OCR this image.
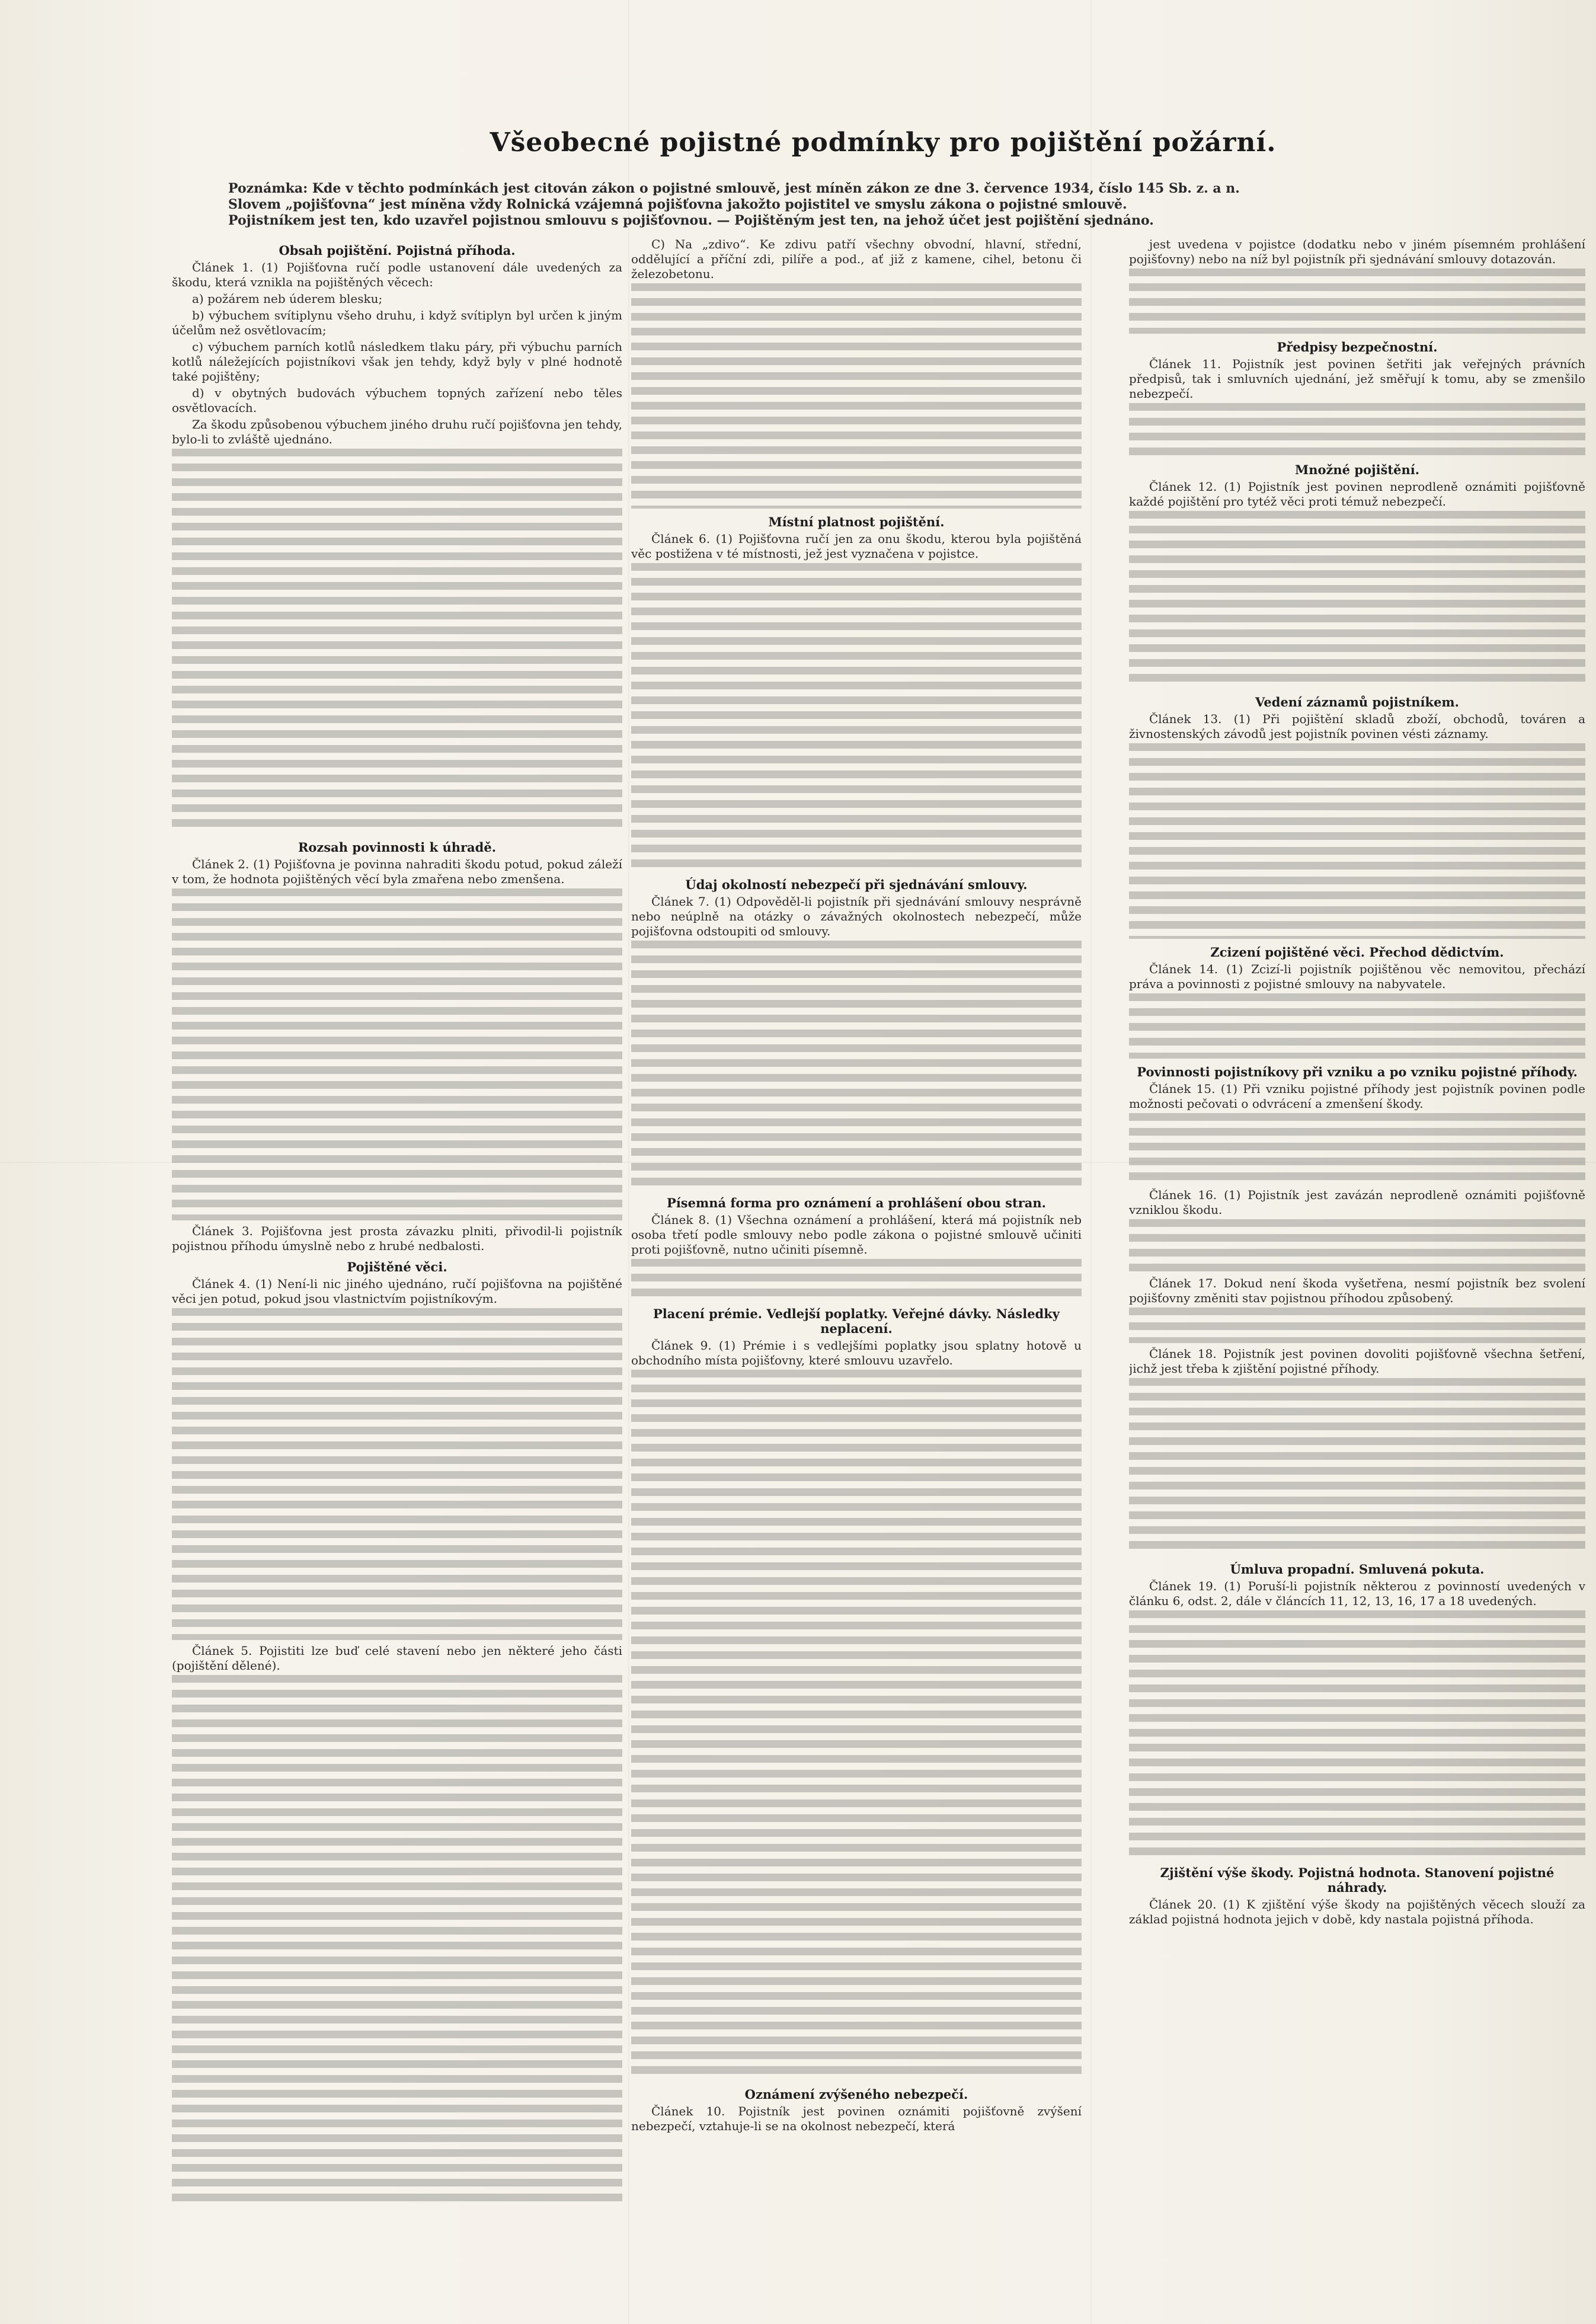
Všeobecné pojistné podmínky pro pojištění požární.

Poznámka: Kde v těchto podmínkách jest citován zákon o pojistné smlouvě, jest míněn zákon ze dne 3. července 1934, číslo 145 Sb. z. a n.

Slovem „pojišťovna“ jest míněna vždy Rolnická vzájemná pojišťovna jakožto pojistitel ve smyslu zákona o pojistné smlouvě.

Pojistníkem jest ten, kdo uzavřel pojistnou smlouvu s pojišťovnou. — Pojištěným jest ten, na jehož účet jest pojištění sjednáno.

Obsah pojištění. Pojistná příhoda.

Článek 1. (1) Pojišťovna ručí podle ustanovení dále uvedených za škodu, která vznikla na pojištěných věcech:

a) požárem neb úderem blesku;

b) výbuchem svítiplynu všeho druhu, i když svítiplyn byl určen k jiným účelům než osvětlovacím;

c) výbuchem parních kotlů následkem tlaku páry, při výbuchu parních kotlů náležejících pojistníkovi však jen tehdy, když byly v plné hodnotě také pojištěny;

d) v obytných budovách výbuchem topných zařízení nebo těles osvětlovacích.

Za škodu způsobenou výbuchem jiného druhu ručí pojišťovna jen tehdy, bylo-li to zvláště ujednáno.

Rozsah povinnosti k úhradě.

Článek 2. (1) Pojišťovna je povinna nahraditi škodu potud, pokud záleží v tom, že hodnota pojištěných věcí byla zmařena nebo zmenšena.

Článek 3. Pojišťovna jest prosta závazku plniti, přivodil-li pojistník pojistnou příhodu úmyslně nebo z hrubé nedbalosti.

Pojištěné věci.

Článek 4. (1) Není-li nic jiného ujednáno, ručí pojišťovna na pojištěné věci jen potud, pokud jsou vlastnictvím pojistníkovým.

Článek 5. Pojistiti lze buď celé stavení nebo jen některé jeho části (pojištění dělené).

C) Na „zdivo“. Ke zdivu patří všechny obvodní, hlavní, střední, oddělující a příční zdi, pilíře a pod., ať již z kamene, cihel, betonu či železobetonu.

Místní platnost pojištění.

Článek 6. (1) Pojišťovna ručí jen za onu škodu, kterou byla pojištěná věc postižena v té místnosti, jež jest vyznačena v pojistce.

Údaj okolností nebezpečí při sjednávání smlouvy.

Článek 7. (1) Odpověděl-li pojistník při sjednávání smlouvy nesprávně nebo neúplně na otázky o závažných okolnostech nebezpečí, může pojišťovna odstoupiti od smlouvy.

Písemná forma pro oznámení a prohlášení obou stran.

Článek 8. (1) Všechna oznámení a prohlášení, která má pojistník neb osoba třetí podle smlouvy nebo podle zákona o pojistné smlouvě učiniti proti pojišťovně, nutno učiniti písemně.

Placení prémie. Vedlejší poplatky. Veřejné dávky. Následky neplacení.

Článek 9. (1) Prémie i s vedlejšími poplatky jsou splatny hotově u obchodního místa pojišťovny, které smlouvu uzavřelo.

Oznámení zvýšeného nebezpečí.

Článek 10. Pojistník jest povinen oznámiti pojišťovně zvýšení nebezpečí, vztahuje-li se na okolnost nebezpečí, která

jest uvedena v pojistce (dodatku nebo v jiném písemném prohlášení pojišťovny) nebo na níž byl pojistník při sjednávání smlouvy dotazován.

Předpisy bezpečnostní.

Článek 11. Pojistník jest povinen šetřiti jak veřejných právních předpisů, tak i smluvních ujednání, jež směřují k tomu, aby se zmenšilo nebezpečí.

Množné pojištění.

Článek 12. (1) Pojistník jest povinen neprodleně oznámiti pojišťovně každé pojištění pro tytéž věci proti témuž nebezpečí.

Vedení záznamů pojistníkem.

Článek 13. (1) Při pojištění skladů zboží, obchodů, továren a živnostenských závodů jest pojistník povinen vésti záznamy.

Zcizení pojištěné věci. Přechod dědictvím.

Článek 14. (1) Zcizí-li pojistník pojištěnou věc nemovitou, přechází práva a povinnosti z pojistné smlouvy na nabyvatele.

Povinnosti pojistníkovy při vzniku a po vzniku pojistné příhody.

Článek 15. (1) Při vzniku pojistné příhody jest pojistník povinen podle možnosti pečovati o odvrácení a zmenšení škody.

Článek 16. (1) Pojistník jest zavázán neprodleně oznámiti pojišťovně vzniklou škodu.

Článek 17. Dokud není škoda vyšetřena, nesmí pojistník bez svolení pojišťovny změniti stav pojistnou příhodou způsobený.

Článek 18. Pojistník jest povinen dovoliti pojišťovně všechna šetření, jichž jest třeba k zjištění pojistné příhody.

Úmluva propadní. Smluvená pokuta.

Článek 19. (1) Poruší-li pojistník některou z povinností uvedených v článku 6, odst. 2, dále v článcích 11, 12, 13, 16, 17 a 18 uvedených.

Zjištění výše škody. Pojistná hodnota. Stanovení pojistné náhrady.

Článek 20. (1) K zjištění výše škody na pojištěných věcech slouží za základ pojistná hodnota jejich v době, kdy nastala pojistná příhoda.
